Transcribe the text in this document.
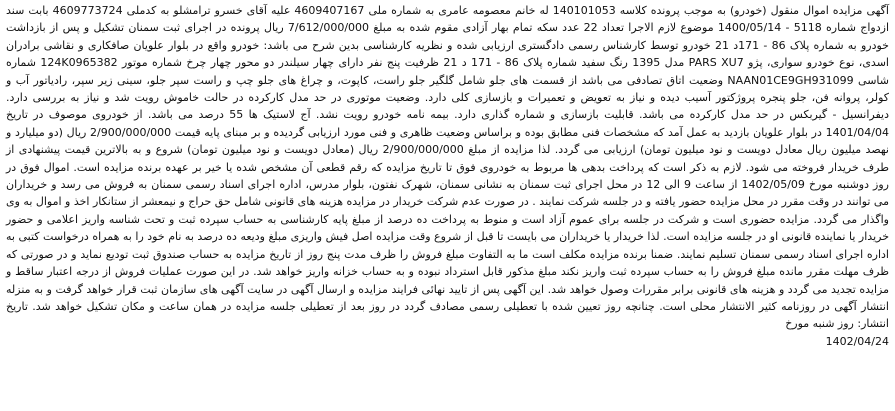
آگهی مزایده اموال منقول (خودرو) به موجب پرونده کلاسه 140101053 له خانم معصومه عامری به شماره ملی 4609407167 علیه آقای خسرو ترامشلو به کدملی 4609773724 بابت سند ازدواج شماره 5118 - 1400/05/14 موضوع لازم الاجرا تعداد 22 عدد سکه تمام بهار آزادی مقوم شده به مبلغ 7/612/000/000 ریال پرونده در اجرای ثبت سمنان تشکیل و پس از بازداشت خودرو به شماره پلاک 86 - 171د 21 خودرو توسط کارشناس رسمی دادگستری ارزیابی شده و نظریه کارشناسی بدین شرح می باشد: خودرو واقع در بلوار علویان صافکاری و نقاشی برادران اسدی، نوع خودرو سواری، پژو PARS XU7 مدل 1395 رنگ سفید شماره پلاک 86 - 171 د 21 ظرفیت پنج نفر دارای چهار سیلندر دو محور چهار چرخ شماره موتور 124K0965382 شماره شاسی NAAN01CE9GH931099 وضعیت اتاق تصادفی می باشد از قسمت های جلو شامل گلگیر جلو راست، کاپوت، و چراغ های جلو چپ و راست سپر جلو، سینی زیر سپر، رادیاتور آب و کولر، پروانه فن، جلو پنجره پروژکتور آسیب دیده و نیاز به تعویض و تعمیرات و بازسازی کلی دارد. وضعیت موتوری در حد مدل کارکرده در حالت خاموش رویت شد و نیاز به بررسی دارد. دیفرانسیل - گیربکس در حد مدل کارکرده می باشد. قابلیت بازسازی و شماره گذاری دارد. بیمه نامه خودرو رویت نشد. آج لاستیک ها 55 درصد می باشد. از خودروی موصوف در تاریخ 1401/04/04 در بلوار علویان بازدید به عمل آمد که مشخصات فنی مطابق بوده و براساس وضعیت ظاهری و فنی مورد ارزیابی گردیده و بر مبنای پایه قیمت 2/900/000/000 ریال (دو میلیارد و نهصد میلیون ریال معادل دویست و نود میلیون تومان) ارزیابی می گردد. لذا مزایده از مبلغ 2/900/000/000 ریال (معادل دویست و نود میلیون تومان) شروع و به بالاترین قیمت پیشنهادی از طرف خریدار فروخته می شود. لازم به ذکر است که پرداخت بدهی ها مربوط به خودروی فوق تا تاریخ مزایده که رقم قطعی آن مشخص شده یا خیر بر عهده برنده مزایده است. اموال فوق در روز دوشنبه مورخ 1402/05/09 از ساعت 9 الی 12 در محل اجرای ثبت سمنان به نشانی سمنان، شهرک نفتون، بلوار مدرس، اداره اجرای اسناد رسمی سمنان به فروش می رسد و خریداران می توانند در وقت مقرر در محل مزایده حضور یافته و در جلسه شرکت نمایند . در صورت عدم شرکت خریدار در مزایده هزینه های قانونی شامل حق حراج و نیمعشر از ستانکار اخذ و اموال به وی واگذار می گردد. مزایده حضوری است و شرکت در جلسه برای عموم آزاد است و منوط به پرداخت ده درصد از مبلغ پایه کارشناسی به حساب سپرده ثبت و تحت شناسه واریز اعلامی و حضور خریدار یا نماینده قانونی او در جلسه مزایده است. لذا خریدار یا خریداران می بایست تا قبل از شروع وقت مزایده اصل فیش واریزی مبلغ ودیعه ده درصد به نام خود را به همراه درخواست کتبی به اداره اجرای اسناد رسمی سمنان تسلیم نمایند. ضمنا برنده مزایده مکلف است ما به التفاوت مبلغ فروش را ظرف مدت پنج روز از تاریخ مزایده به حساب صندوق ثبت تودیع نماید و در صورتی که ظرف مهلت مقرر مانده مبلغ فروش را به حساب سپرده ثبت واریز نکند مبلغ مذکور قابل استرداد نبوده و به حساب خزانه واریز خواهد شد. در این صورت عملیات فروش از درجه اعتبار ساقط و مزایده تجدید می گردد و هزینه های قانونی برابر مقررات وصول خواهد شد. این آگهی پس از تایید نهائی فرایند مزایده و ارسال آگهی در سایت آگهی های سازمان ثبت قرار خواهد گرفت و به منزله انتشار آگهی در روزنامه کثیر الانتشار محلی است. چنانچه روز تعیین شده با تعطیلی رسمی مصادف گردد در روز بعد از تعطیلی جلسه مزایده در همان ساعت و مکان تشکیل خواهد شد. تاریخ انتشار: روز شنبه مورخ

1402/04/24
